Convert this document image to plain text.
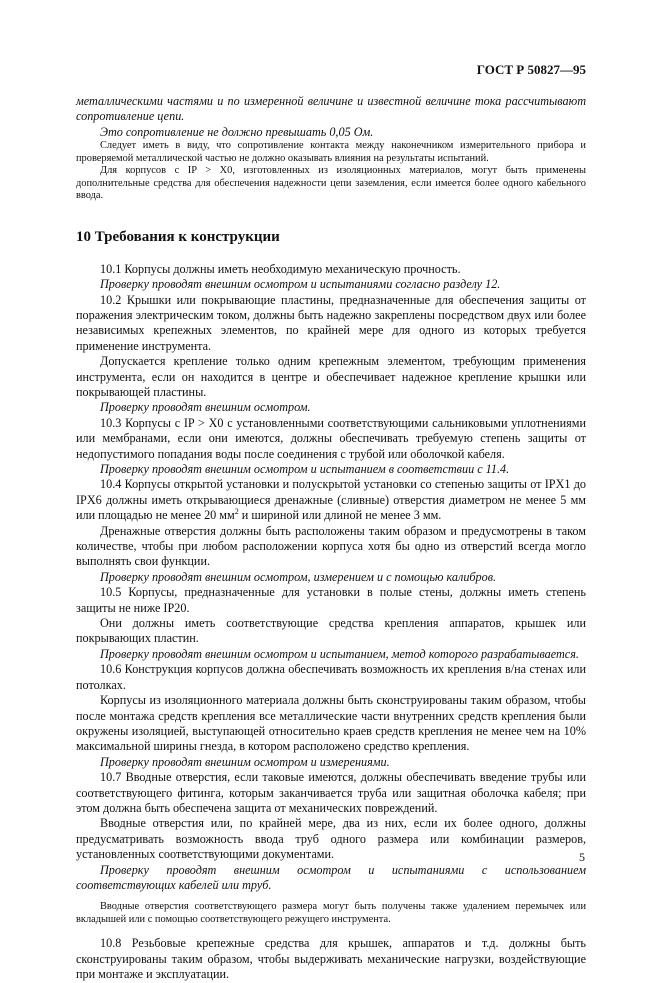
ГОСТ Р 50827—95

металлическими частями и по измеренной величине и известной величине тока рассчитывают сопротивление цепи.

Это сопротивление не должно превышать 0,05 Ом.

Следует иметь в виду, что сопротивление контакта между наконечником измерительного прибора и проверяемой металлической частью не должно оказывать влияния на результаты испытаний.

Для корпусов с IP > X0, изготовленных из изоляционных материалов, могут быть применены дополнительные средства для обеспечения надежности цепи заземления, если имеется более одного кабельного ввода.

10 Требования к конструкции

10.1 Корпусы должны иметь необходимую механическую прочность.

Проверку проводят внешним осмотром и испытаниями согласно разделу 12.

10.2 Крышки или покрывающие пластины, предназначенные для обеспечения защиты от поражения электрическим током, должны быть надежно закреплены посредством двух или более независимых крепежных элементов, по крайней мере для одного из которых требуется применение инструмента.

Допускается крепление только одним крепежным элементом, требующим применения инструмента, если он находится в центре и обеспечивает надежное крепление крышки или покрывающей пластины.

Проверку проводят внешним осмотром.

10.3 Корпусы с IP > X0 с установленными соответствующими сальниковыми уплотнениями или мембранами, если они имеются, должны обеспечивать требуемую степень защиты от недопустимого попадания воды после соединения с трубой или оболочкой кабеля.

Проверку проводят внешним осмотром и испытанием в соответствии с 11.4.

10.4 Корпусы открытой установки и полускрытой установки со степенью защиты от IPX1 до IPX6 должны иметь открывающиеся дренажные (сливные) отверстия диаметром не менее 5 мм или площадью не менее 20 $мм^2$ и шириной или длиной не менее 3 мм.

Дренажные отверстия должны быть расположены таким образом и предусмотрены в таком количестве, чтобы при любом расположении корпуса хотя бы одно из отверстий всегда могло выполнять свои функции.

Проверку проводят внешним осмотром, измерением и с помощью калибров.

10.5 Корпусы, предназначенные для установки в полые стены, должны иметь степень защиты не ниже IP20.

Они должны иметь соответствующие средства крепления аппаратов, крышек или покрывающих пластин.

Проверку проводят внешним осмотром и испытанием, метод которого разрабатывается.

10.6 Конструкция корпусов должна обеспечивать возможность их крепления в/на стенах или потолках.

Корпусы из изоляционного материала должны быть сконструированы таким образом, чтобы после монтажа средств крепления все металлические части внутренних средств крепления были окружены изоляцией, выступающей относительно краев средств крепления не менее чем на 10% максимальной ширины гнезда, в котором расположено средство крепления.

Проверку проводят внешним осмотром и измерениями.

10.7 Вводные отверстия, если таковые имеются, должны обеспечивать введение трубы или соответствующего фитинга, которым заканчивается труба или защитная оболочка кабеля; при этом должна быть обеспечена защита от механических повреждений.

Вводные отверстия или, по крайней мере, два из них, если их более одного, должны предусматривать возможность ввода труб одного размера или комбинации размеров, установленных соответствующими документами.

Проверку проводят внешним осмотром и испытаниями с использованием соответствующих кабелей или труб.

Вводные отверстия соответствующего размера могут быть получены также удалением перемычек или вкладышей или с помощью соответствующего режущего инструмента.

10.8 Резьбовые крепежные средства для крышек, аппаратов и т.д. должны быть сконструированы таким образом, чтобы выдерживать механические нагрузки, воздействующие при монтаже и эксплуатации.

5
